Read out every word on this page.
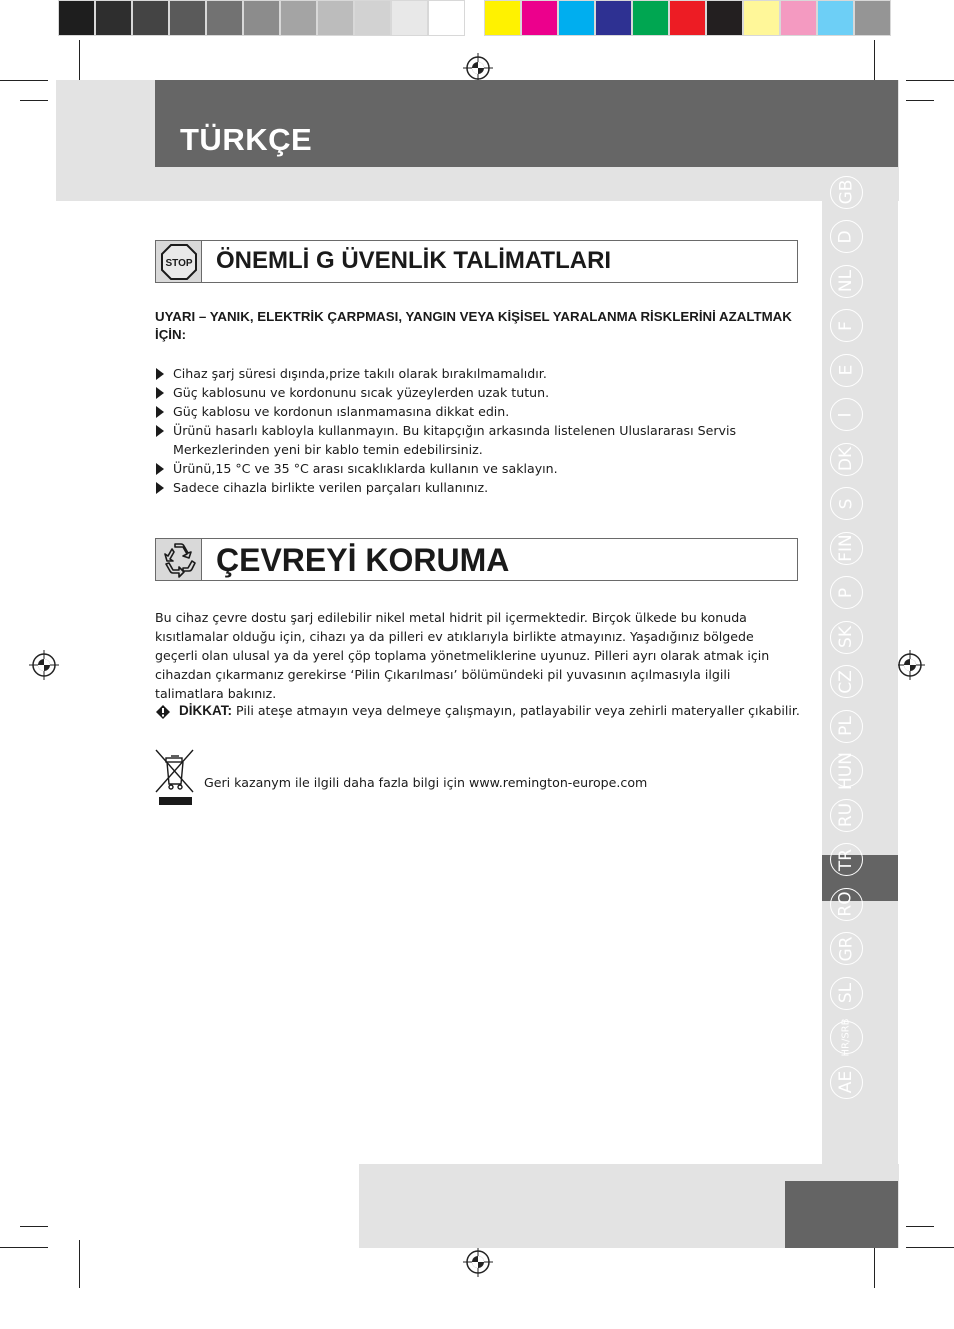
TÜRKÇE
GB
D
NL
F
E
I
DK
S
FIN
P
SK
CZ
PL
HUN
RU
TR
RO
GR
SL
HR/SRB
AE
STOP ÖNEMLİ G ÜVENLİK TALİMATLARI
UYARI – YANIK, ELEKTRİK ÇARPMASI, YANGIN VEYA KİŞİSEL YARALANMA RİSKLERİNİ AZALTMAK İÇİN:
Cihaz şarj süresi dışında,prize takılı olarak bırakılmamalıdır.
Güç kablosunu ve kordonunu sıcak yüzeylerden uzak tutun.
Güç kablosu ve kordonun ıslanmamasına dikkat edin.
Ürünü hasarlı kabloyla kullanmayın. Bu kitapçığın arkasında listelenen Uluslararası Servis Merkezlerinden yeni bir kablo temin edebilirsiniz.
Ürünü,15 °C ve 35 °C arası sıcaklıklarda kullanın ve saklayın.
Sadece cihazla birlikte verilen parçaları kullanınız.
ÇEVREYİ KORUMA

Bu cihaz çevre dostu şarj edilebilir nikel metal hidrit pil içermektedir. Birçok ülkede bu konuda kısıtlamalar olduğu için, cihazı ya da pilleri ev atıklarıyla birlikte atmayınız. Yaşadığınız bölgede geçerli olan ulusal ya da yerel çöp toplama yönetmeliklerine uyunuz. Pilleri ayrı olarak atmak için cihazdan çıkarmanız gerekirse ‘Pilin Çıkarılması’ bölümündeki pil yuvasının açılmasıyla ilgili talimatlara bakınız.

DİKKAT: Pili ateşe atmayın veya delmeye çalışmayın, patlayabilir veya zehirli materyaller çıkabilir.
Geri kazanym ile ilgili daha fazla bilgi için www.remington-europe.com
